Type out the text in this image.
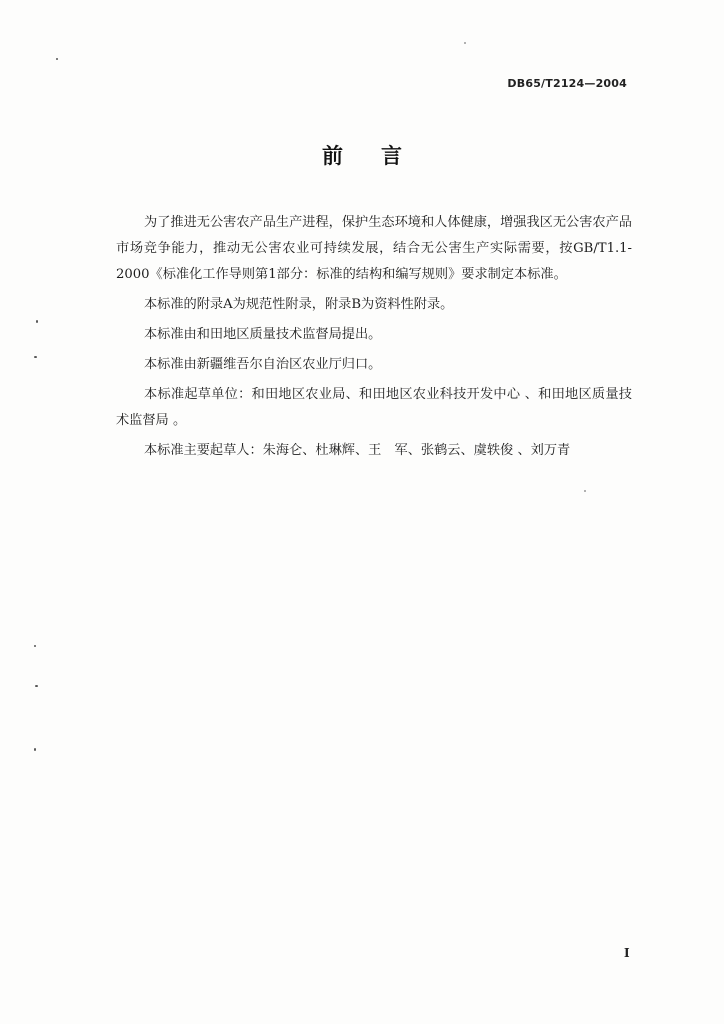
DB65/T2124—2004
前言

为了推进无公害农产品生产进程，保护生态环境和人体健康，增强我区无公害农产品市场竞争能力，推动无公害农业可持续发展，结合无公害生产实际需要，按GB/T1.1-2000《标准化工作导则第1部分：标准的结构和编写规则》要求制定本标准。

本标准的附录A为规范性附录，附录B为资料性附录。

本标准由和田地区质量技术监督局提出。

本标准由新疆维吾尔自治区农业厅归口。

本标准起草单位：和田地区农业局、和田地区农业科技开发中心 、和田地区质量技术监督局 。

本标准主要起草人：朱海仑、杜琳辉、王　军、张鹤云、虞轶俊 、刘万青

I
